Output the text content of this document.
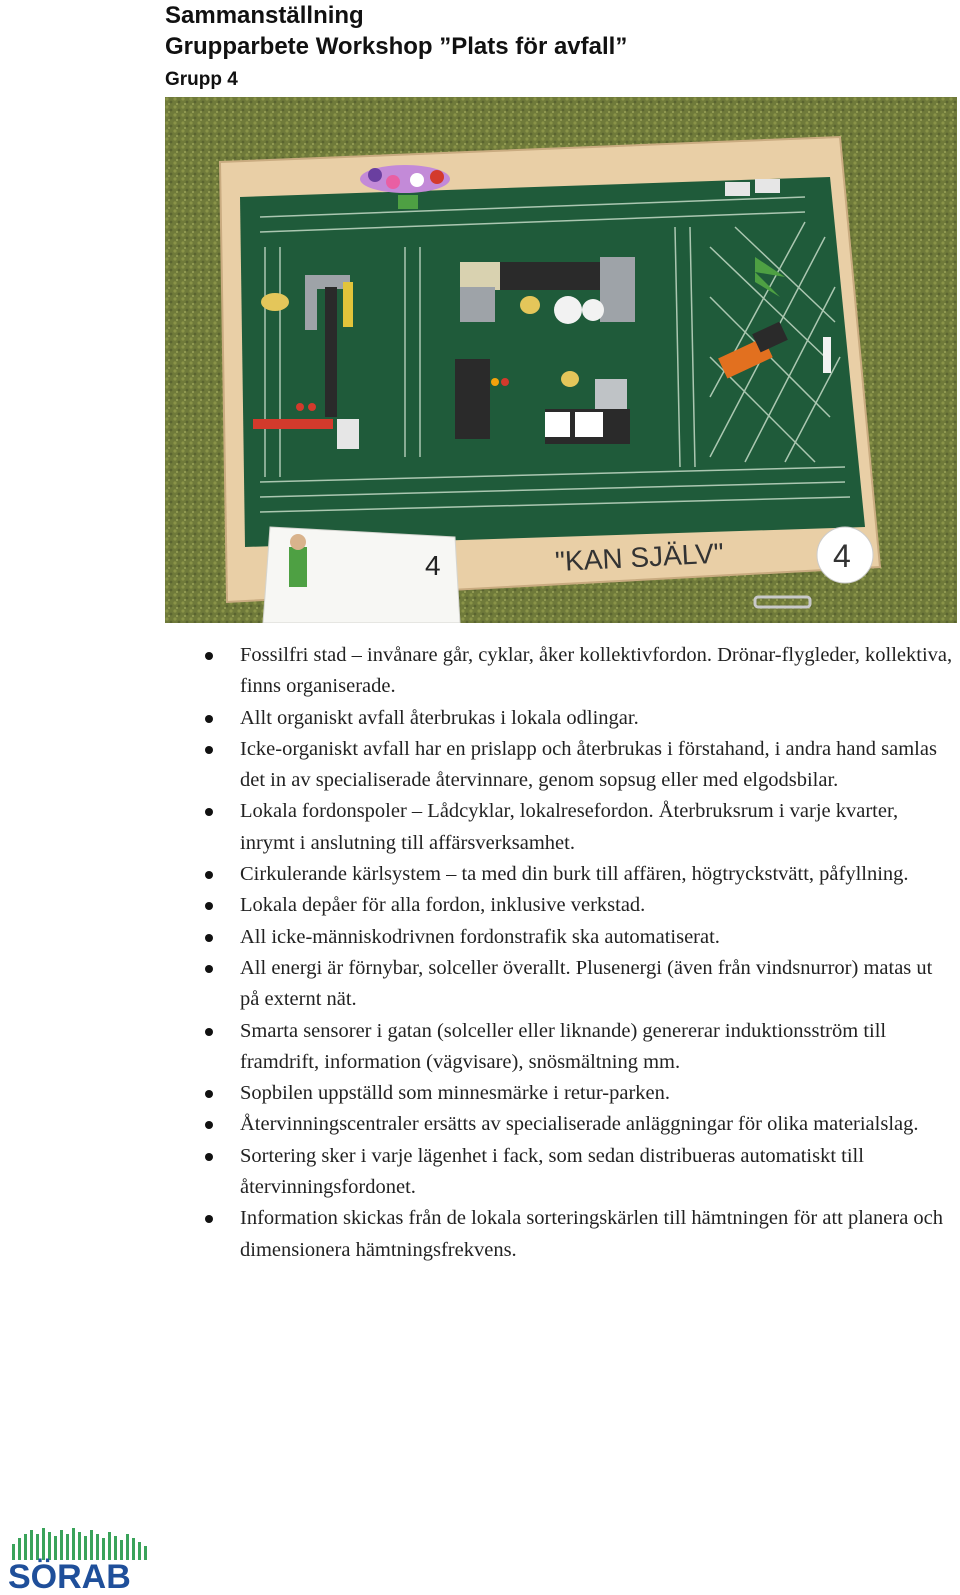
Sammanställning
Grupparbete Workshop ”Plats för avfall”
Grupp 4
4	"KAN SJÄLV"	4
Fossilfri stad – invånare går, cyklar, åker kollektivfordon. Drönar-flygleder, kollektiva, finns organiserade.
Allt organiskt avfall återbrukas i lokala odlingar.
Icke-organiskt avfall har en prislapp och återbrukas i förstahand, i andra hand samlas det in av specialiserade återvinnare, genom sopsug eller med elgodsbilar.
Lokala fordonspoler – Lådcyklar, lokalresefordon. Återbruksrum i varje kvarter, inrymt i anslutning till affärsverksamhet.
Cirkulerande kärlsystem – ta med din burk till affären, högtryckstvätt, påfyllning.
Lokala depåer för alla fordon, inklusive verkstad.
All icke-människodrivnen fordonstrafik ska automatiserat.
All energi är förnybar, solceller överallt. Plusenergi (även från vindsnurror) matas ut på externt nät.
Smarta sensorer i gatan (solceller eller liknande) genererar induktionsström till framdrift, information (vägvisare), snösmältning mm.
Sopbilen uppställd som minnesmärke i retur-parken.
Återvinningscentraler ersätts av specialiserade anläggningar för olika materialslag.
Sortering sker i varje lägenhet i fack, som sedan distribueras automatiskt till återvinningsfordonet.
Information skickas från de lokala sorteringskärlen till hämtningen för att planera och dimensionera hämtningsfrekvens.
SÖRAB
